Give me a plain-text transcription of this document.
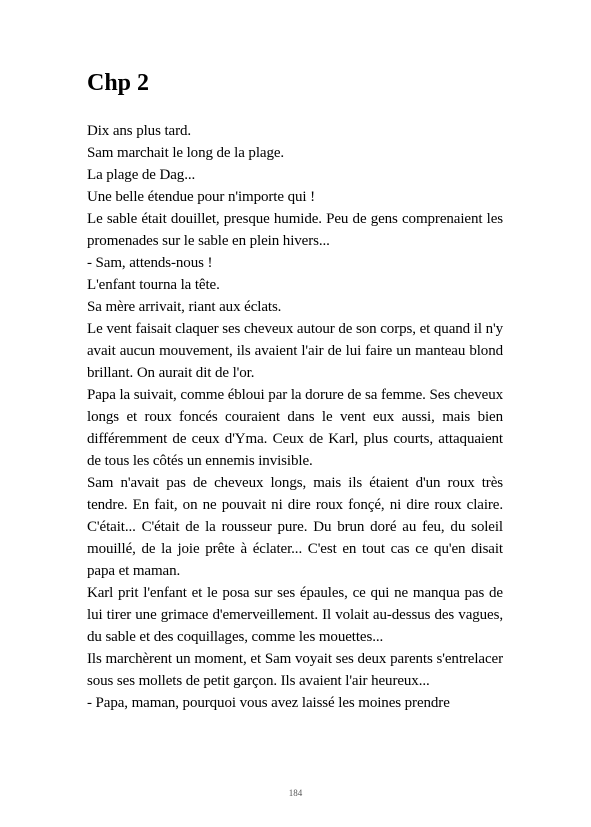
Chp 2

Dix ans plus tard.

Sam marchait le long de la plage.

La plage de Dag...

Une belle étendue pour n'importe qui !

Le sable était douillet, presque humide. Peu de gens comprenaient les promenades sur le sable en plein hivers...

- Sam, attends-nous !

L'enfant tourna la tête.

Sa mère arrivait, riant aux éclats.

Le vent faisait claquer ses cheveux autour de son corps, et quand il n'y avait aucun mouvement, ils avaient l'air de lui faire un manteau blond brillant. On aurait dit de l'or.

Papa la suivait, comme ébloui par la dorure de sa femme. Ses cheveux longs et roux foncés couraient dans le vent eux aussi, mais bien différemment de ceux d'Yma. Ceux de Karl, plus courts, attaquaient de tous les côtés un ennemis invisible.

Sam n'avait pas de cheveux longs, mais ils étaient d'un roux très tendre. En fait, on ne pouvait ni dire roux fonçé, ni dire roux claire. C'était... C'était de la rousseur pure. Du brun doré au feu, du soleil mouillé, de la joie prête à éclater... C'est en tout cas ce qu'en disait papa et maman.

Karl prit l'enfant et le posa sur ses épaules, ce qui ne manqua pas de lui tirer une grimace d'emerveillement. Il volait au-dessus des vagues, du sable et des coquillages, comme les mouettes...

Ils marchèrent un moment, et Sam voyait ses deux parents s'entrelacer sous ses mollets de petit garçon. Ils avaient l'air heureux...

- Papa, maman, pourquoi vous avez laissé les moines prendre

184
